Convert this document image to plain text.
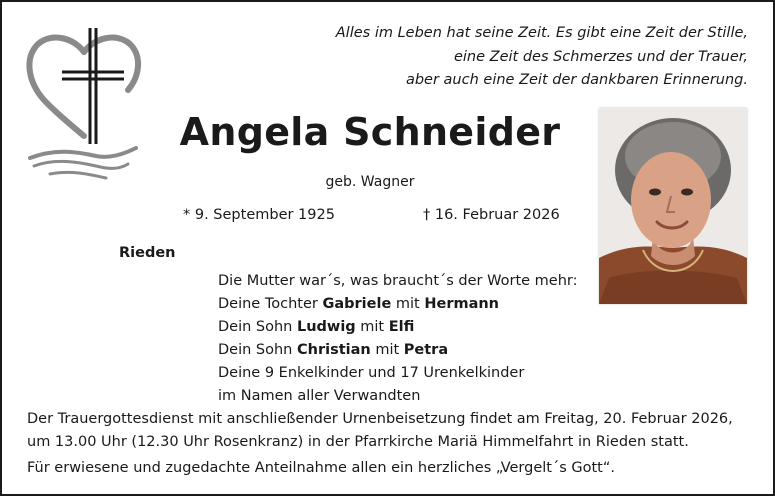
Alles im Leben hat seine Zeit. Es gibt eine Zeit der Stille,
eine Zeit des Schmerzes und der Trauer,
aber auch eine Zeit der dankbaren Erinnerung.
Angela Schneider
geb. Wagner
* 9. September 1925	† 16. Februar 2026
Rieden
Die Mutter war´s, was braucht´s der Worte mehr:
Deine Tochter Gabriele mit Hermann
Dein Sohn Ludwig mit Elfi
Dein Sohn Christian mit Petra
Deine 9 Enkelkinder und 17 Urenkelkinder
im Namen aller Verwandten
Der Trauergottesdienst mit anschließender Urnenbeisetzung findet am Freitag, 20. Februar 2026,
um 13.00 Uhr (12.30 Uhr Rosenkranz) in der Pfarrkirche Mariä Himmelfahrt in Rieden statt.
Für erwiesene und zugedachte Anteilnahme allen ein herzliches „Vergelt´s Gott“.
